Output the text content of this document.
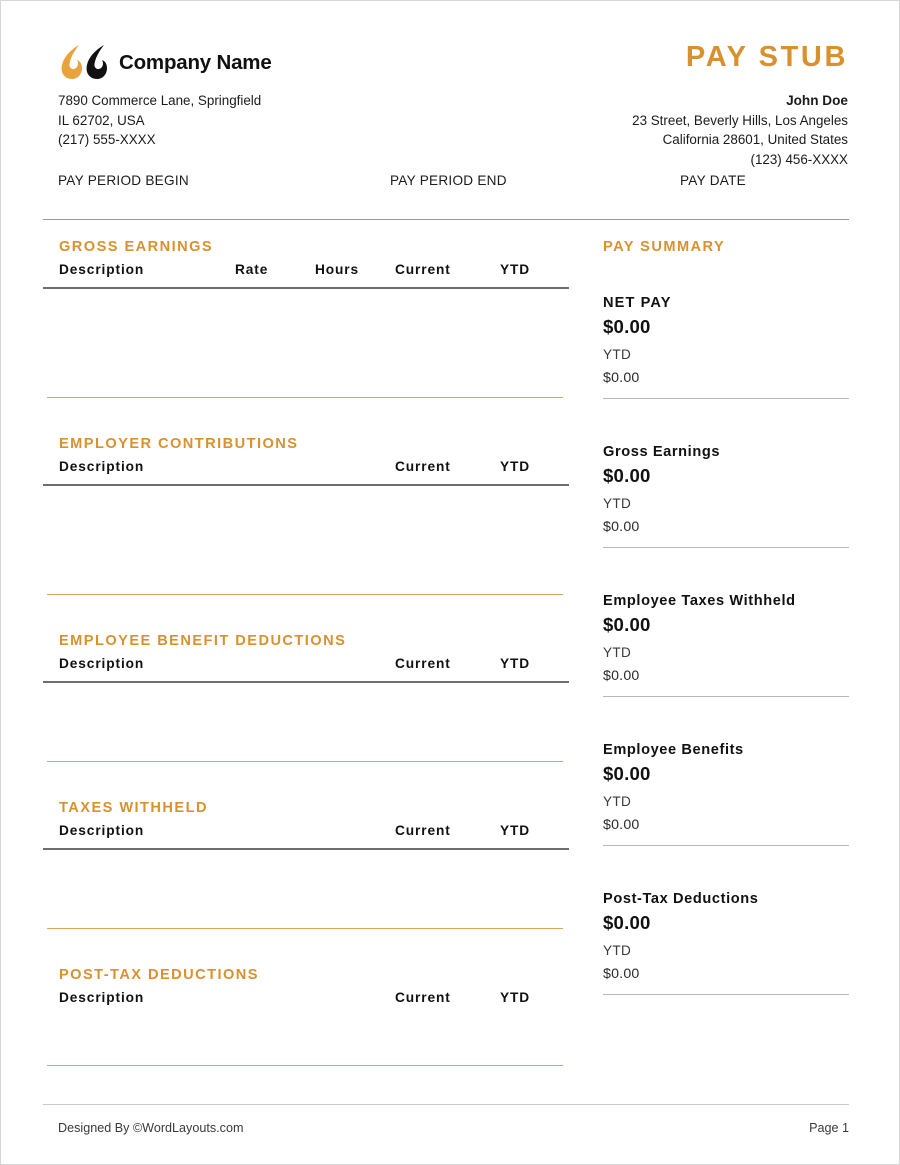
Company Name
7890 Commerce Lane, Springfield
IL 62702, USA
(217) 555-XXXX
PAY STUB
John Doe
23 Street, Beverly Hills, Los Angeles
California 28601, United States
(123) 456-XXXX
PAY PERIOD BEGIN	PAY PERIOD END	PAY DATE
GROSS EARNINGS
Description	Rate	Hours	Current	YTD
EMPLOYER CONTRIBUTIONS
Description	Current	YTD
EMPLOYEE BENEFIT DEDUCTIONS
Description	Current	YTD
TAXES WITHHELD
Description	Current	YTD
POST-TAX DEDUCTIONS
Description	Current	YTD
PAY SUMMARY
NET PAY
$0.00
YTD
$0.00
Gross Earnings
$0.00
YTD
$0.00
Employee Taxes Withheld
$0.00
YTD
$0.00
Employee Benefits
$0.00
YTD
$0.00
Post-Tax Deductions
$0.00
YTD
$0.00
Designed By ©WordLayouts.com	Page 1
